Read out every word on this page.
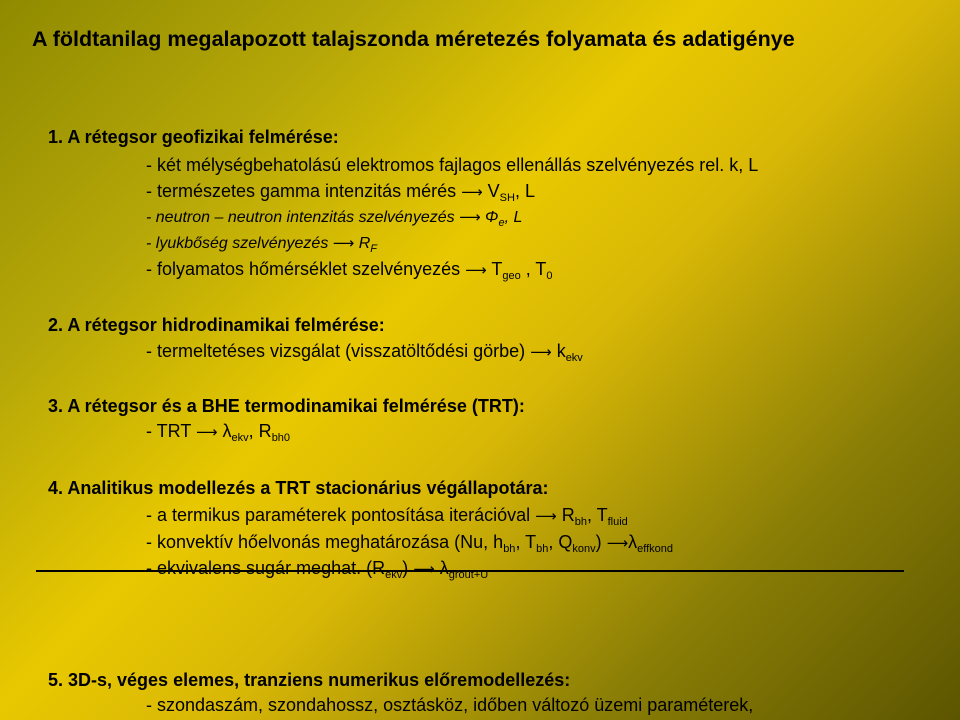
A földtanilag megalapozott talajszonda méretezés folyamata és adatigénye
1. A rétegsor geofizikai felmérése:
- két mélységbehatolású elektromos fajlagos ellenállás szelvényezés rel. k, L
- természetes gamma intenzitás mérés ⟶ $V_{SH}$, L
- neutron – neutron intenzitás szelvényezés ⟶ $\Phi_e$, L
- lyukbőség szelvényezés ⟶ $R_F$
- folyamatos hőmérséklet szelvényezés ⟶ $T_{geo}$ , $T_0$
2. A rétegsor hidrodinamikai felmérése:
- termeltetéses vizsgálat (visszatöltődési görbe) ⟶ $k_{ekv}$
3. A rétegsor és a BHE termodinamikai felmérése (TRT):
- TRT ⟶ $\lambda_{ekv}$, $R_{bh0}$
4. Analitikus modellezés a TRT stacionárius végállapotára:
- a termikus paraméterek pontosítása iterációval ⟶ $R_{bh}$, $T_{fluid}$
- konvektív hőelvonás meghatározása (Nu, $h_{bh}$, $T_{bh}$, $Q_{konv}$) $⟶\lambda_{effkond}$
- ekvivalens sugár meghat. $(R_{ekv})$ ⟶ $\lambda_{grout+U}$
5. 3D-s, véges elemes, tranziens numerikus előremodellezés:
- szondaszám, szondahossz, osztásköz, időben változó üzemi paraméterek,
